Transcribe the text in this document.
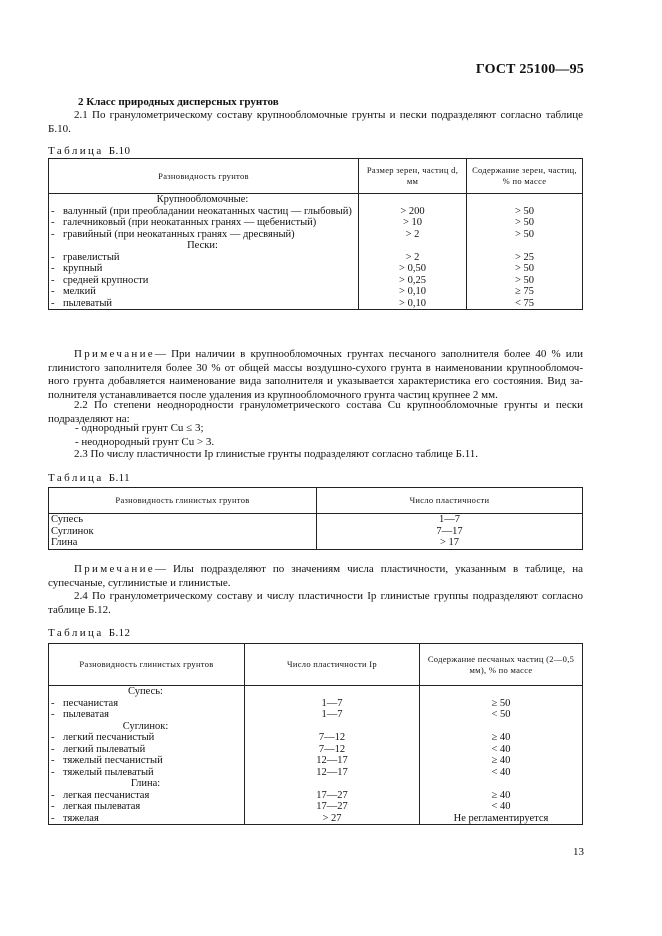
ГОСТ 25100—95
2 Класс природных дисперсных грунтов
2.1 По гранулометрическому составу крупнообломочные грунты и пески подразделяют согласно таблице Б.10.
Таблица Б.10
Разновидность грунтов	Размер зерен, частиц d, мм	Содержание зерен, частиц, % по массе
Крупнообломочные:		
- валунный (при преобладании неокатанных частиц — глыбовый)	> 200	> 50
- галечниковый (при неокатанных гранях — щебенистый)	> 10	> 50
- гравийный (при неокатанных гранях — дресвяный)	> 2	> 50
Пески:		
- гравелистый	> 2	> 25
- крупный	> 0,50	> 50
- средней крупности	> 0,25	> 50
- мелкий	> 0,10	≥ 75
- пылеватый	> 0,10	< 75
Примечание— При наличии в крупнообломочных грунтах песчаного заполнителя более 40 % или глинистого заполнителя более 30 % от общей массы воздушно-сухого грунта в наименовании крупнообломочного грунта добавляется наименование вида заполнителя и указывается характеристика его состояния. Вид заполнителя устанавливается после удаления из крупнообломочного грунта частиц крупнее 2 мм.
2.2 По степени неоднородности гранулометрического состава Cu крупнообломочные грунты и пески подразделяют на:
- однородный грунт Cu ≤ 3;
- неоднородный грунт Cu > 3.
2.3 По числу пластичности Ip глинистые грунты подразделяют согласно таблице Б.11.
Таблица Б.11
Разновидность глинистых грунтов	Число пластичности
Супесь	1—7
Суглинок	7—17
Глина	> 17
Примечание— Илы подразделяют по значениям числа пластичности, указанным в таблице, на супесчаные, суглинистые и глинистые.
2.4 По гранулометрическому составу и числу пластичности Ip глинистые группы подразделяют согласно таблице Б.12.
Таблица Б.12
Разновидность глинистых грунтов	Число пластичности Ip	Содержание песчаных частиц (2—0,5 мм), % по массе
Супесь:		
- песчанистая	1—7	≥ 50
- пылеватая	1—7	< 50
Суглинок:		
- легкий песчанистый	7—12	≥ 40
- легкий пылеватый	7—12	< 40
- тяжелый песчанистый	12—17	≥ 40
- тяжелый пылеватый	12—17	< 40
Глина:		
- легкая песчанистая	17—27	≥ 40
- легкая пылеватая	17—27	< 40
- тяжелая	> 27	Не регламентируется
13
